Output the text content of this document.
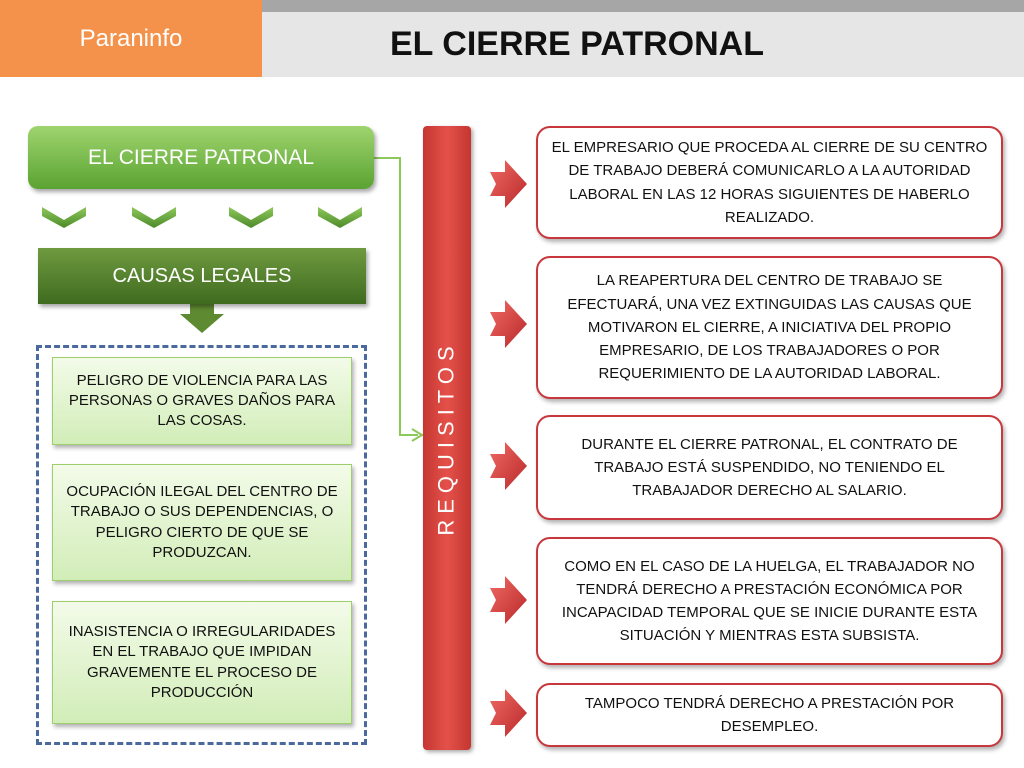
Paraninfo	EL CIERRE PATRONAL
EL CIERRE PATRONAL
CAUSAS LEGALES
PELIGRO DE VIOLENCIA PARA LAS PERSONAS O GRAVES DAÑOS PARA LAS COSAS.
OCUPACIÓN ILEGAL DEL CENTRO DE TRABAJO O SUS DEPENDENCIAS, O PELIGRO CIERTO DE QUE SE PRODUZCAN.
INASISTENCIA O IRREGULARIDADES EN EL TRABAJO QUE IMPIDAN GRAVEMENTE EL PROCESO DE PRODUCCIÓN
REQUISITOS
EL EMPRESARIO QUE PROCEDA AL CIERRE DE SU CENTRO DE TRABAJO DEBERÁ COMUNICARLO A LA AUTORIDAD LABORAL EN LAS 12 HORAS SIGUIENTES DE HABERLO REALIZADO.
LA REAPERTURA DEL CENTRO DE TRABAJO SE EFECTUARÁ, UNA VEZ EXTINGUIDAS LAS CAUSAS QUE MOTIVARON EL CIERRE, A INICIATIVA DEL PROPIO EMPRESARIO, DE LOS TRABAJADORES O POR REQUERIMIENTO DE LA AUTORIDAD LABORAL.
DURANTE EL CIERRE PATRONAL, EL CONTRATO DE TRABAJO ESTÁ SUSPENDIDO, NO TENIENDO EL TRABAJADOR DERECHO AL SALARIO.
COMO EN EL CASO DE LA HUELGA, EL TRABAJADOR NO TENDRÁ DERECHO A PRESTACIÓN ECONÓMICA POR INCAPACIDAD TEMPORAL QUE SE INICIE DURANTE ESTA SITUACIÓN Y MIENTRAS ESTA SUBSISTA.
TAMPOCO TENDRÁ DERECHO A PRESTACIÓN POR DESEMPLEO.
